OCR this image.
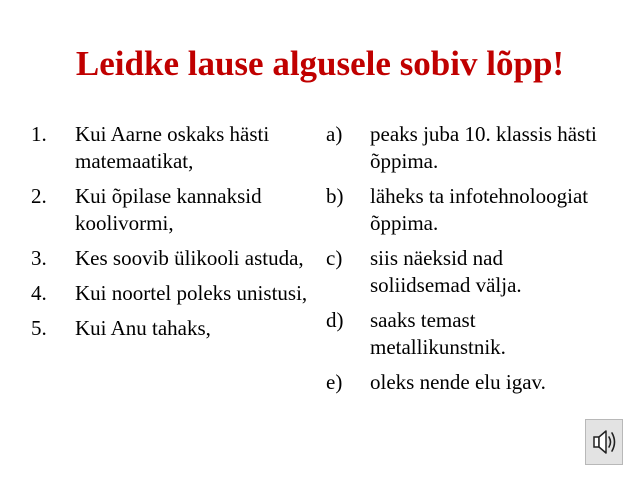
Leidke lause algusele sobiv lõpp!
1. Kui Aarne oskaks hästi matemaatikat,
2. Kui õpilase kannaksid koolivormi,
3. Kes soovib ülikooli astuda,
4. Kui noortel poleks unistusi,
5. Kui Anu tahaks,
a) peaks juba 10. klassis hästi õppima.
b) läheks ta infotehnoloogiat õppima.
c) siis näeksid nad soliidsemad välja.
d) saaks temast metallikunstnik.
e) oleks nende elu igav.
